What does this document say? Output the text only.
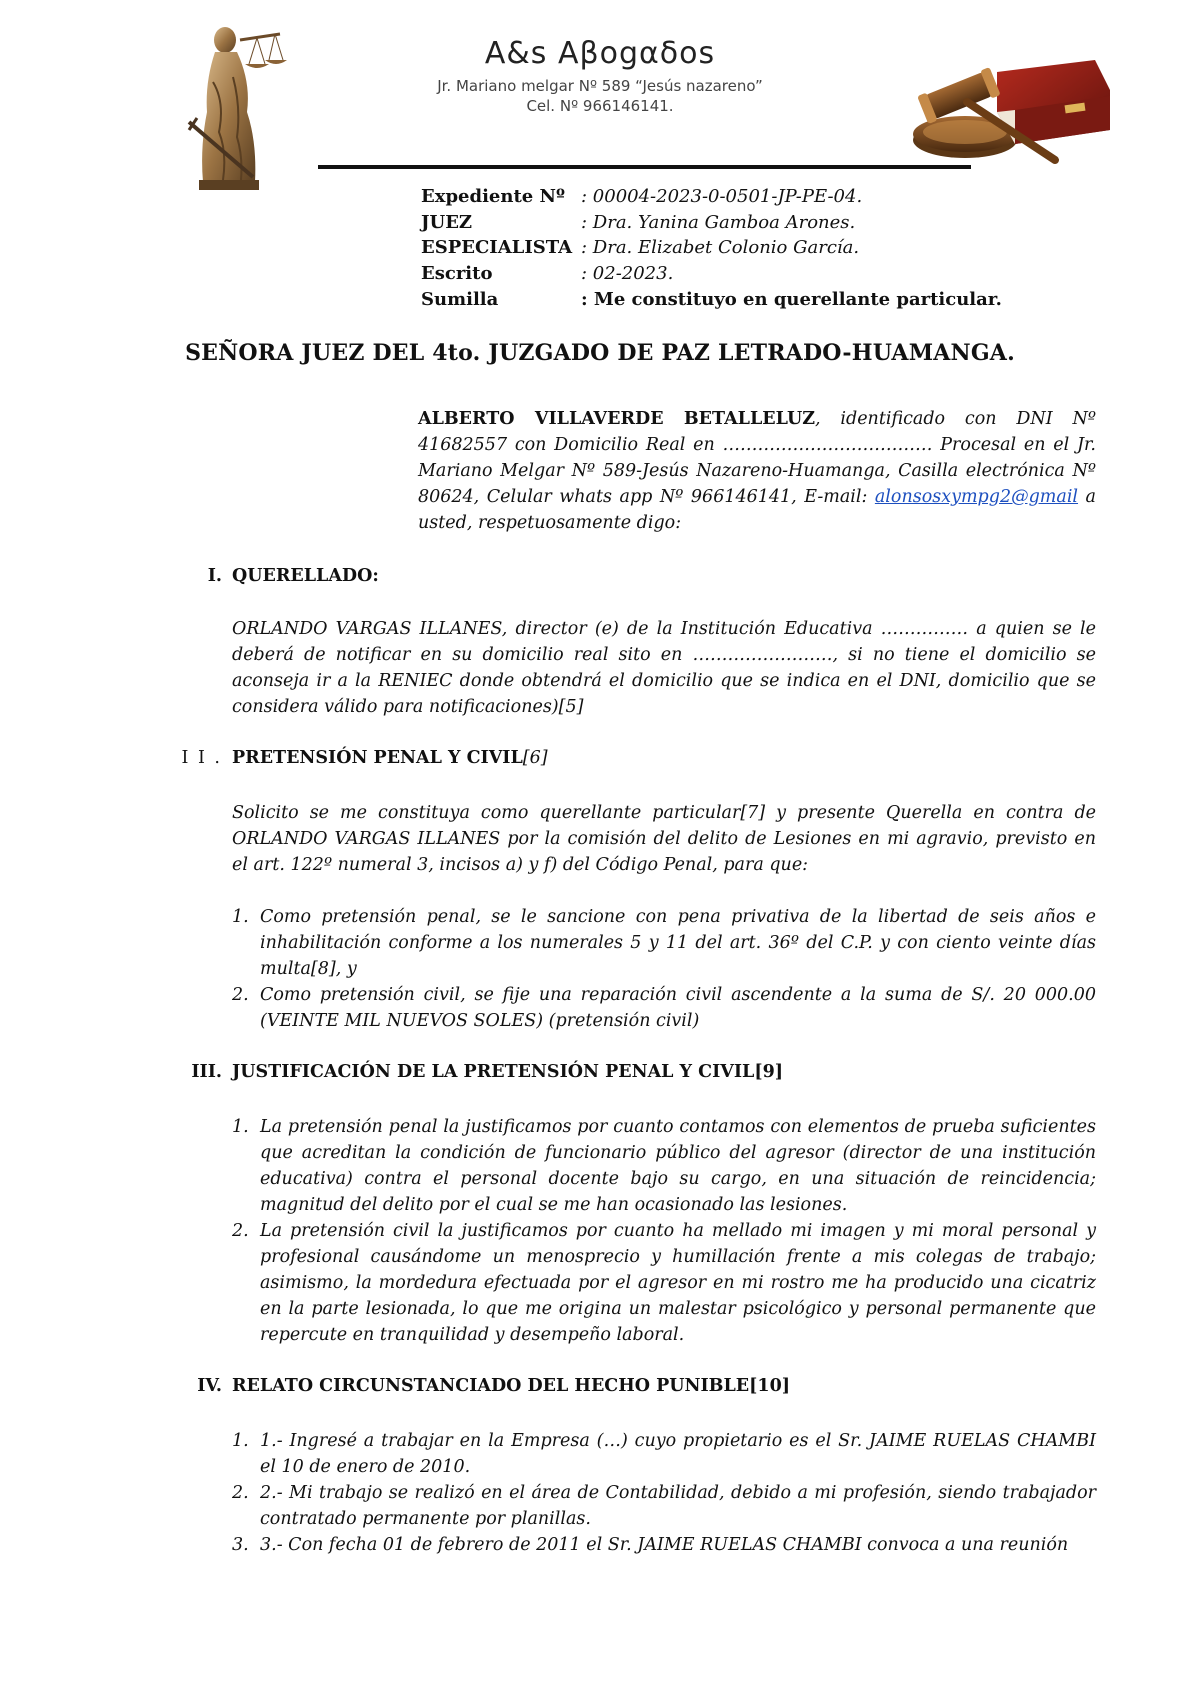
A&s Aβogαδos
Jr. Mariano melgar Nº 589 “Jesús nazareno”
Cel. Nº 966146141.
Expediente Nº : 00004-2023-0-0501-JP-PE-04.
JUEZ	: Dra. Yanina Gamboa Arones.
ESPECIALISTA : Dra. Elizabet Colonio García.
Escrito	: 02-2023.
Sumilla	: Me constituyo en querellante particular.
SEÑORA JUEZ DEL 4to. JUZGADO DE PAZ LETRADO-HUAMANGA.
ALBERTO VILLAVERDE BETALLELUZ, identificado con DNI Nº 41682557 con Domicilio Real en ……………………………… Procesal en el Jr. Mariano Melgar Nº 589-Jesús Nazareno-Huamanga, Casilla electrónica Nº 80624, Celular whats app Nº 966146141, E-mail: alonsosxympg2@gmail a usted, respetuosamente digo:
I. QUERELLADO:
ORLANDO VARGAS ILLANES, director (e) de la Institución Educativa …………… a quien se le deberá de notificar en su domicilio real sito en ……………………, si no tiene el domicilio se aconseja ir a la RENIEC donde obtendrá el domicilio que se indica en el DNI, domicilio que se considera válido para notificaciones)[5]
I I . PRETENSIÓN PENAL Y CIVIL[6]
Solicito se me constituya como querellante particular[7] y presente Querella en contra de ORLANDO VARGAS ILLANES por la comisión del delito de Lesiones en mi agravio, previsto en el art. 122º numeral 3, incisos a) y f) del Código Penal, para que:
1. Como pretensión penal, se le sancione con pena privativa de la libertad de seis años e inhabilitación conforme a los numerales 5 y 11 del art. 36º del C.P. y con ciento veinte días multa[8], y
2. Como pretensión civil, se fije una reparación civil ascendente a la suma de S/. 20 000.00 (VEINTE MIL NUEVOS SOLES) (pretensión civil)
III. JUSTIFICACIÓN DE LA PRETENSIÓN PENAL Y CIVIL[9]
1. La pretensión penal la justificamos por cuanto contamos con elementos de prueba suficientes que acreditan la condición de funcionario público del agresor (director de una institución educativa) contra el personal docente bajo su cargo, en una situación de reincidencia; magnitud del delito por el cual se me han ocasionado las lesiones.
2. La pretensión civil la justificamos por cuanto ha mellado mi imagen y mi moral personal y profesional causándome un menosprecio y humillación frente a mis colegas de trabajo; asimismo, la mordedura efectuada por el agresor en mi rostro me ha producido una cicatriz en la parte lesionada, lo que me origina un malestar psicológico y personal permanente que repercute en tranquilidad y desempeño laboral.
IV. RELATO CIRCUNSTANCIADO DEL HECHO PUNIBLE[10]
1. 1.- Ingresé a trabajar en la Empresa (…) cuyo propietario es el Sr. JAIME RUELAS CHAMBI el 10 de enero de 2010.
2. 2.- Mi trabajo se realizó en el área de Contabilidad, debido a mi profesión, siendo trabajador contratado permanente por planillas.
3. 3.- Con fecha 01 de febrero de 2011 el Sr. JAIME RUELAS CHAMBI convoca a una reunión
